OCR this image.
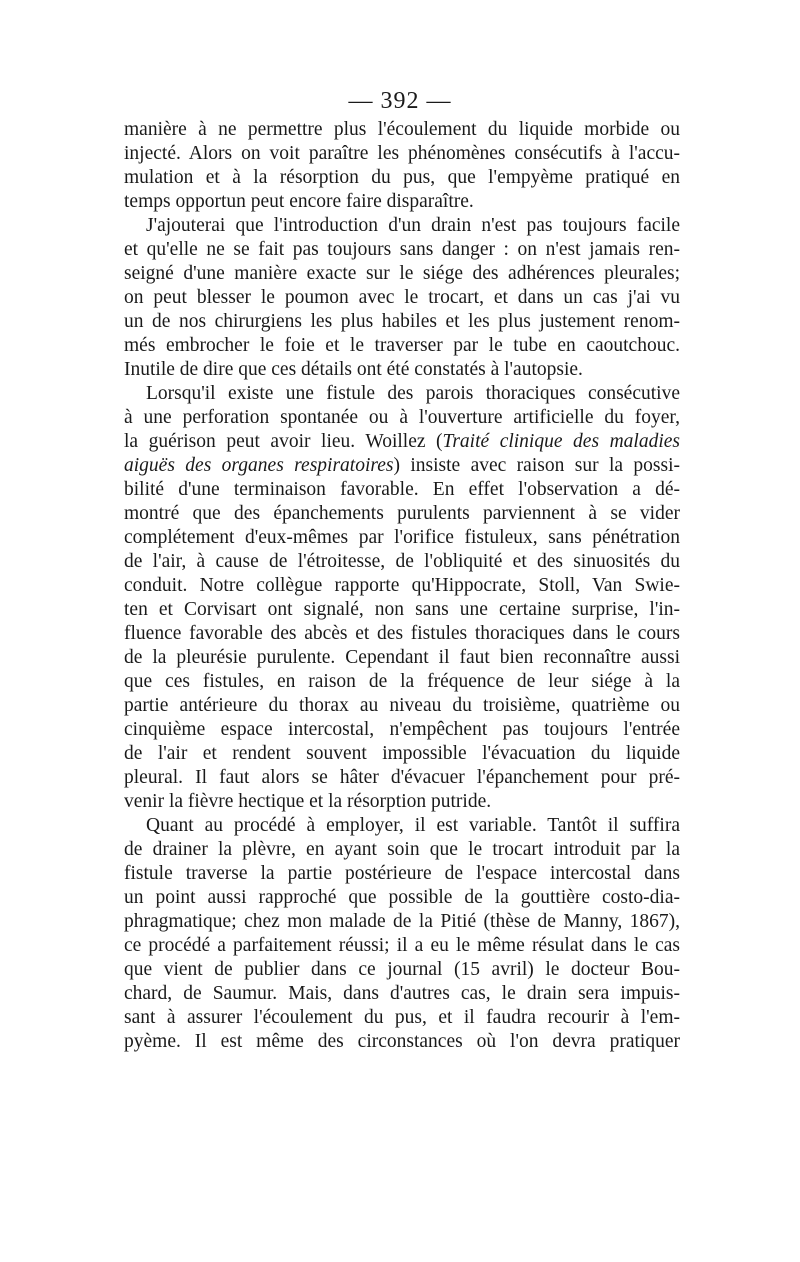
— 392 —
manière à ne permettre plus l'écoulement du liquide morbide ou
injecté. Alors on voit paraître les phénomènes consécutifs à l'accu-
mulation et à la résorption du pus, que l'empyème pratiqué en
temps opportun peut encore faire disparaître.
J'ajouterai que l'introduction d'un drain n'est pas toujours facile
et qu'elle ne se fait pas toujours sans danger : on n'est jamais ren-
seigné d'une manière exacte sur le siége des adhérences pleurales;
on peut blesser le poumon avec le trocart, et dans un cas j'ai vu
un de nos chirurgiens les plus habiles et les plus justement renom-
més embrocher le foie et le traverser par le tube en caoutchouc.
Inutile de dire que ces détails ont été constatés à l'autopsie.
Lorsqu'il existe une fistule des parois thoraciques consécutive
à une perforation spontanée ou à l'ouverture artificielle du foyer,
la guérison peut avoir lieu. Woillez (Traité clinique des maladies
aiguës des organes respiratoires) insiste avec raison sur la possi-
bilité d'une terminaison favorable. En effet l'observation a dé-
montré que des épanchements purulents parviennent à se vider
complétement d'eux-mêmes par l'orifice fistuleux, sans pénétration
de l'air, à cause de l'étroitesse, de l'obliquité et des sinuosités du
conduit. Notre collègue rapporte qu'Hippocrate, Stoll, Van Swie-
ten et Corvisart ont signalé, non sans une certaine surprise, l'in-
fluence favorable des abcès et des fistules thoraciques dans le cours
de la pleurésie purulente. Cependant il faut bien reconnaître aussi
que ces fistules, en raison de la fréquence de leur siége à la
partie antérieure du thorax au niveau du troisième, quatrième ou
cinquième espace intercostal, n'empêchent pas toujours l'entrée
de l'air et rendent souvent impossible l'évacuation du liquide
pleural. Il faut alors se hâter d'évacuer l'épanchement pour pré-
venir la fièvre hectique et la résorption putride.
Quant au procédé à employer, il est variable. Tantôt il suffira
de drainer la plèvre, en ayant soin que le trocart introduit par la
fistule traverse la partie postérieure de l'espace intercostal dans
un point aussi rapproché que possible de la gouttière costo-dia-
phragmatique; chez mon malade de la Pitié (thèse de Manny, 1867),
ce procédé a parfaitement réussi; il a eu le même résulat dans le cas
que vient de publier dans ce journal (15 avril) le docteur Bou-
chard, de Saumur. Mais, dans d'autres cas, le drain sera impuis-
sant à assurer l'écoulement du pus, et il faudra recourir à l'em-
pyème. Il est même des circonstances où l'on devra pratiquer
